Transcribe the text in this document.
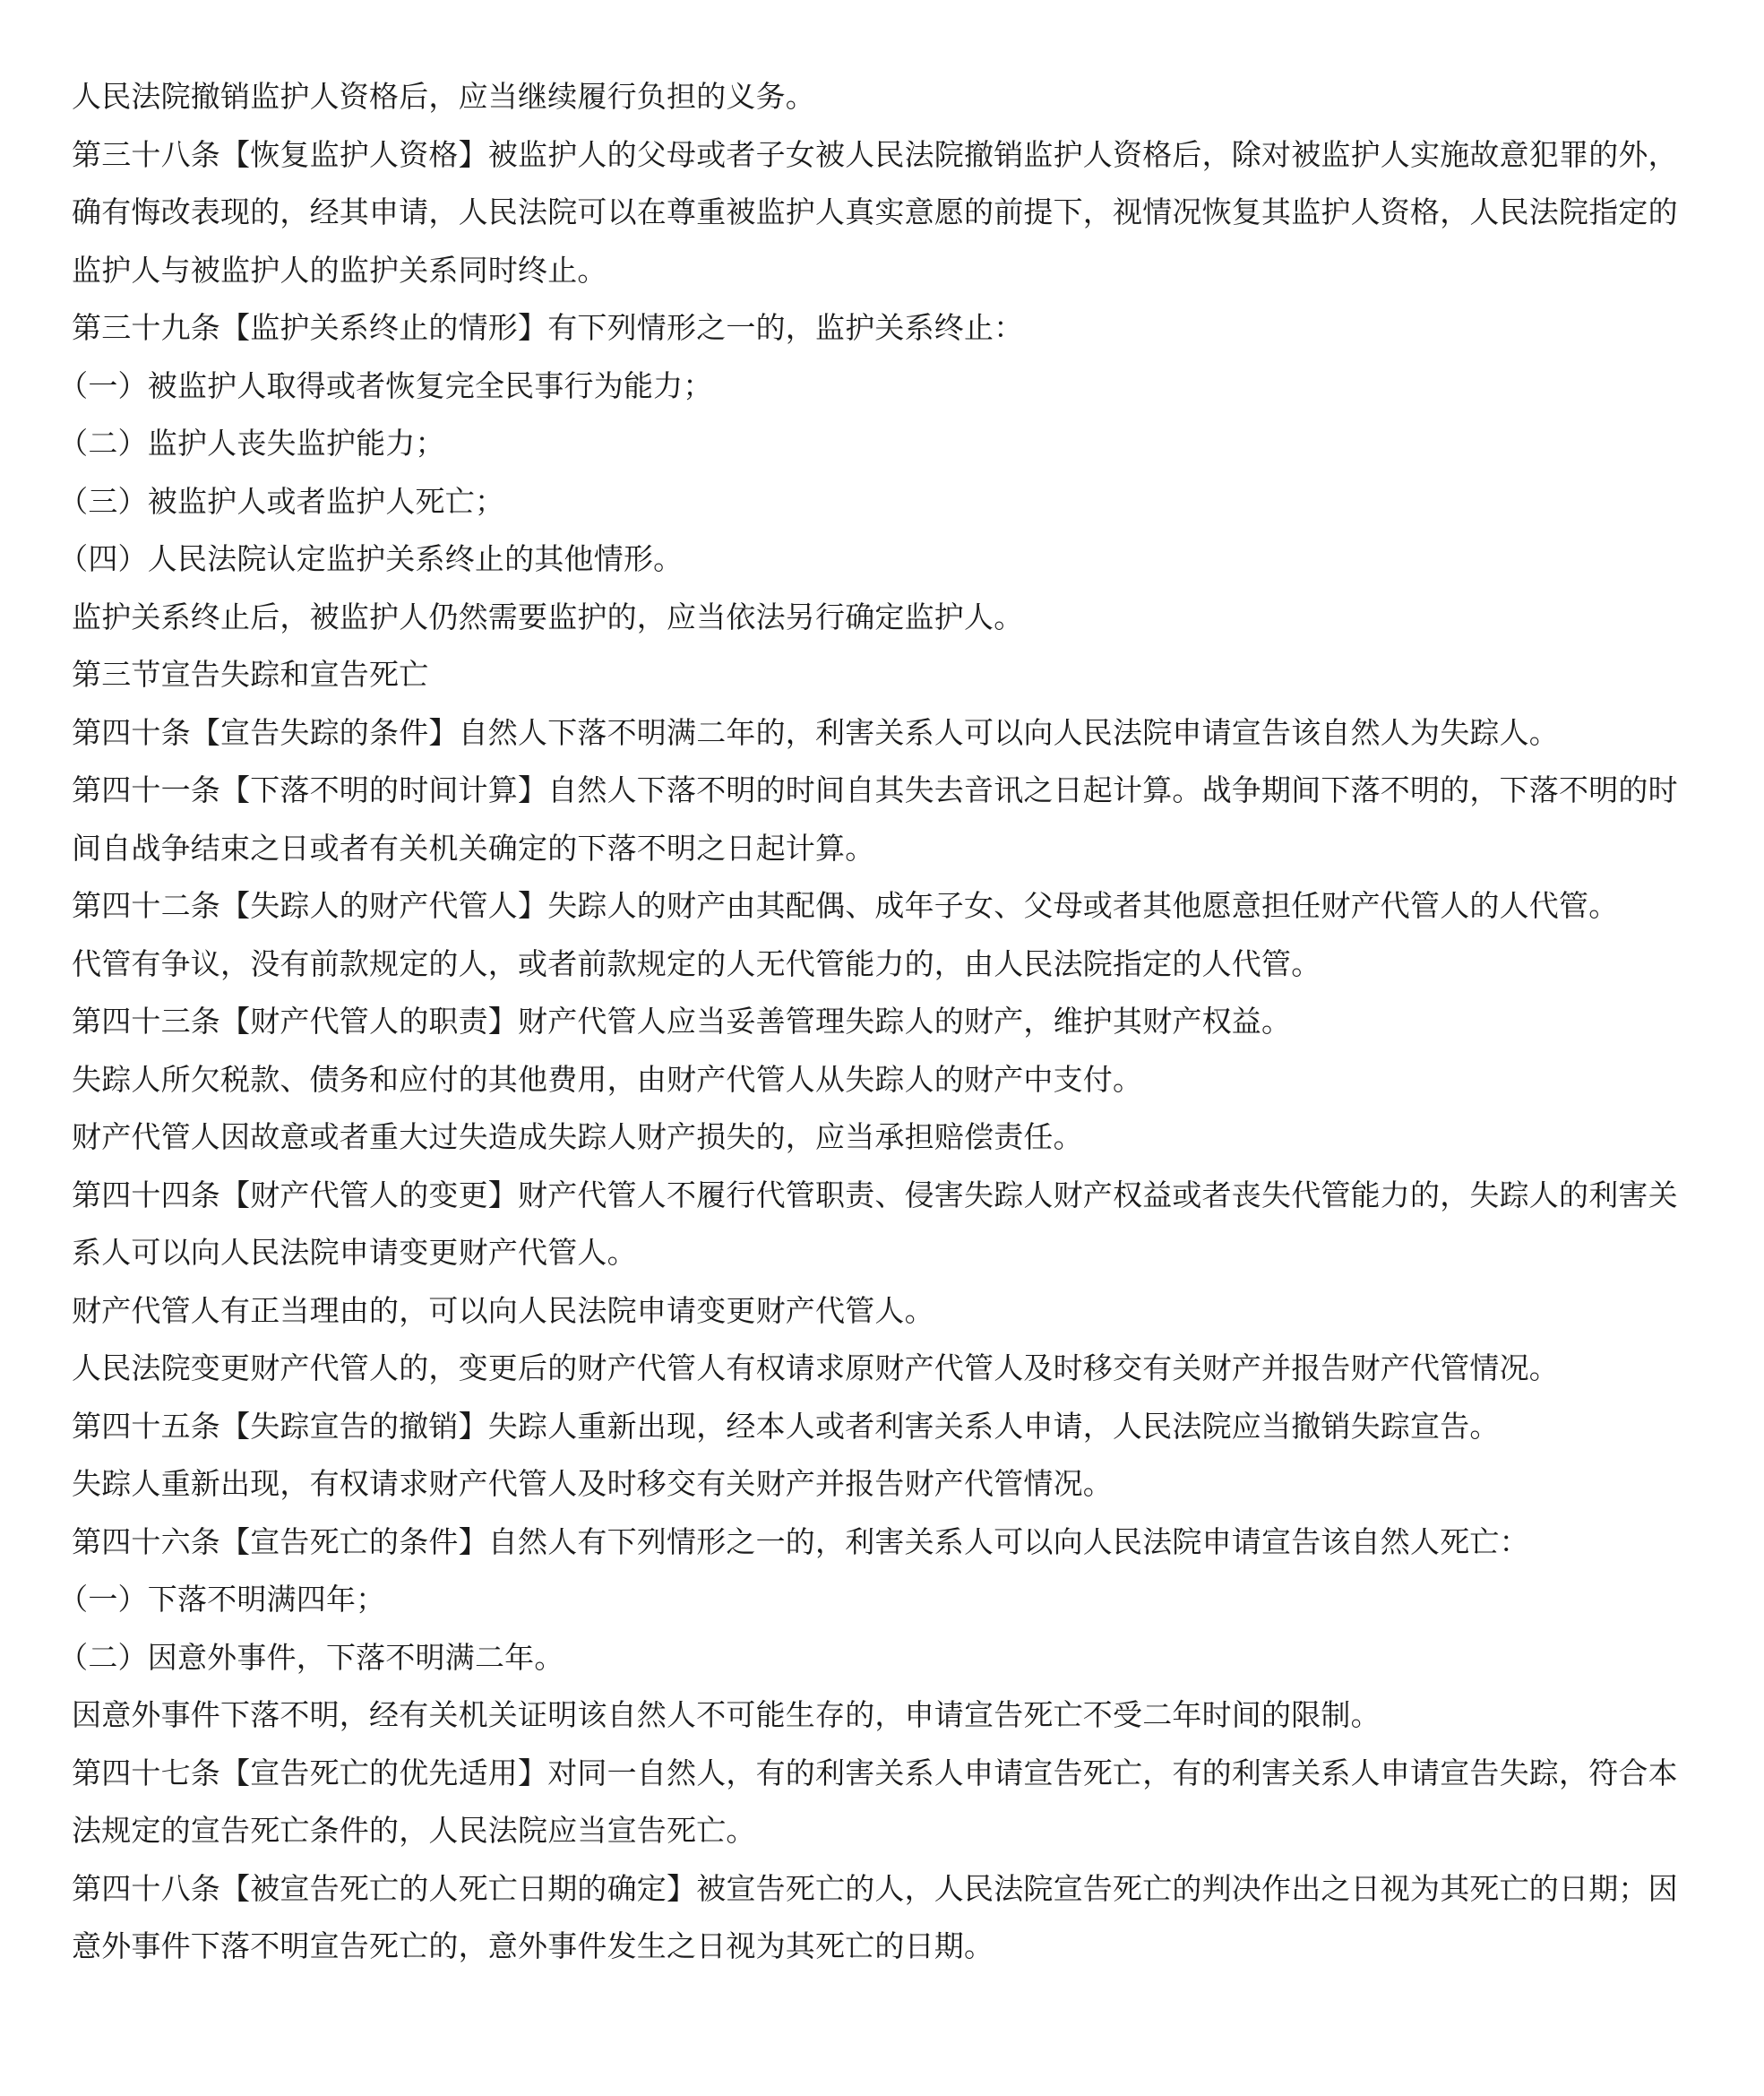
人民法院撤销监护人资格后，应当继续履行负担的义务。

第三十八条【恢复监护人资格】被监护人的父母或者子女被人民法院撤销监护人资格后，除对被监护人实施故意犯罪的外，确有悔改表现的，经其申请，人民法院可以在尊重被监护人真实意愿的前提下，视情况恢复其监护人资格，人民法院指定的监护人与被监护人的监护关系同时终止。

第三十九条【监护关系终止的情形】有下列情形之一的，监护关系终止：

（一）被监护人取得或者恢复完全民事行为能力；

（二）监护人丧失监护能力；

（三）被监护人或者监护人死亡；

（四）人民法院认定监护关系终止的其他情形。

监护关系终止后，被监护人仍然需要监护的，应当依法另行确定监护人。

第三节宣告失踪和宣告死亡

第四十条【宣告失踪的条件】自然人下落不明满二年的，利害关系人可以向人民法院申请宣告该自然人为失踪人。

第四十一条【下落不明的时间计算】自然人下落不明的时间自其失去音讯之日起计算。战争期间下落不明的，下落不明的时间自战争结束之日或者有关机关确定的下落不明之日起计算。

第四十二条【失踪人的财产代管人】失踪人的财产由其配偶、成年子女、父母或者其他愿意担任财产代管人的人代管。

代管有争议，没有前款规定的人，或者前款规定的人无代管能力的，由人民法院指定的人代管。

第四十三条【财产代管人的职责】财产代管人应当妥善管理失踪人的财产，维护其财产权益。

失踪人所欠税款、债务和应付的其他费用，由财产代管人从失踪人的财产中支付。

财产代管人因故意或者重大过失造成失踪人财产损失的，应当承担赔偿责任。

第四十四条【财产代管人的变更】财产代管人不履行代管职责、侵害失踪人财产权益或者丧失代管能力的，失踪人的利害关系人可以向人民法院申请变更财产代管人。

财产代管人有正当理由的，可以向人民法院申请变更财产代管人。

人民法院变更财产代管人的，变更后的财产代管人有权请求原财产代管人及时移交有关财产并报告财产代管情况。

第四十五条【失踪宣告的撤销】失踪人重新出现，经本人或者利害关系人申请，人民法院应当撤销失踪宣告。

失踪人重新出现，有权请求财产代管人及时移交有关财产并报告财产代管情况。

第四十六条【宣告死亡的条件】自然人有下列情形之一的，利害关系人可以向人民法院申请宣告该自然人死亡：

（一）下落不明满四年；

（二）因意外事件，下落不明满二年。

因意外事件下落不明，经有关机关证明该自然人不可能生存的，申请宣告死亡不受二年时间的限制。

第四十七条【宣告死亡的优先适用】对同一自然人，有的利害关系人申请宣告死亡，有的利害关系人申请宣告失踪，符合本法规定的宣告死亡条件的，人民法院应当宣告死亡。

第四十八条【被宣告死亡的人死亡日期的确定】被宣告死亡的人，人民法院宣告死亡的判决作出之日视为其死亡的日期；因意外事件下落不明宣告死亡的，意外事件发生之日视为其死亡的日期。
